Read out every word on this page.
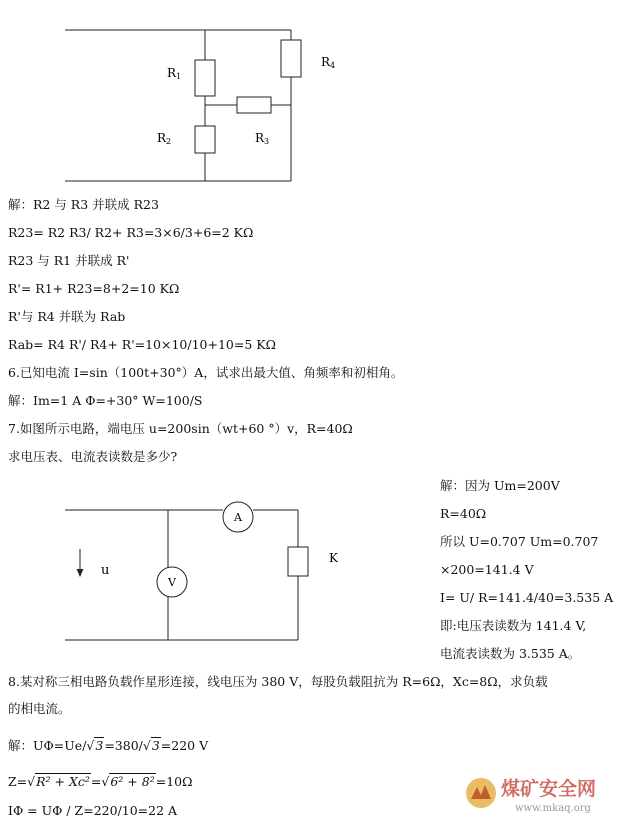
R1
R2	R3
R4
解：R2 与 R3 并联成 R23
R23= R2 R3/ R2+ R3=3×6/3+6=2 KΩ
R23 与 R1 并联成 R'
R'= R1+ R23=8+2=10 KΩ
R'与 R4 并联为 Rab
Rab= R4 R'/ R4+ R'=10×10/10+10=5 KΩ
6.已知电流 I=sin（100t+30°）A，试求出最大值、角频率和初相角。
解：Im=1 A Φ=+30° W=100/S
7.如图所示电路，端电压 u=200sin（wt+60 °）v，R=40Ω
求电压表、电流表读数是多少?
u
A
V
K
解：因为 Um=200V
R=40Ω
所以 U=0.707 Um=0.707
×200=141.4 V
I= U/ R=141.4/40=3.535 A
即:电压表读数为 141.4 V,
电流表读数为 3.535 A。
8.某对称三相电路负载作星形连接，线电压为 380 V，每股负载阻抗为 R=6Ω，Xc=8Ω，求负载
的相电流。
解：UΦ=Ue/√3=380/√3=220 V
Z=√R² + Xc²=√6² + 8²=10Ω
IΦ = UΦ / Z=220/10=22 A
煤矿安全网
www.mkaq.org
